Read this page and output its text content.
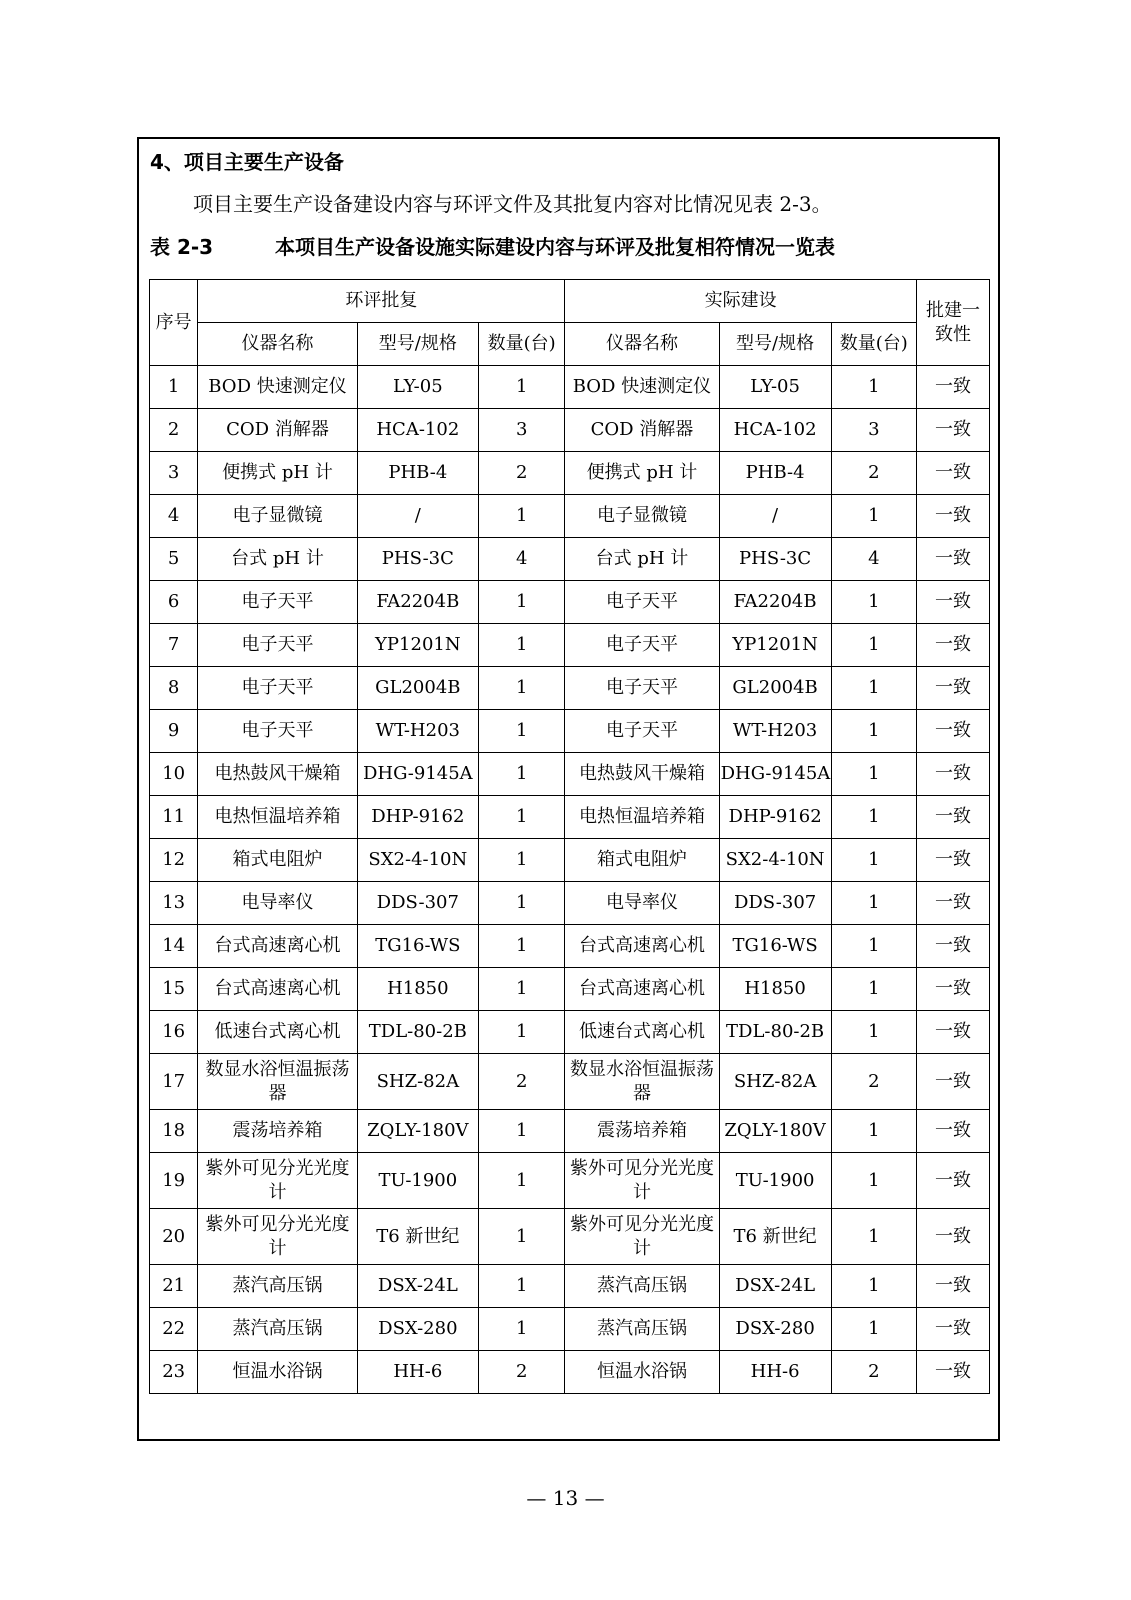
4、项目主要生产设备
项目主要生产设备建设内容与环评文件及其批复内容对比情况见表 2-3。
表 2-3	本项目生产设备设施实际建设内容与环评及批复相符情况一览表
序号	环评批复			实际建设			批建一致性
	仪器名称	型号/规格	数量(台)	仪器名称	型号/规格	数量(台)	
1	BOD 快速测定仪	LY-05	1	BOD 快速测定仪	LY-05	1	一致
2	COD 消解器	HCA-102	3	COD 消解器	HCA-102	3	一致
3	便携式 pH 计	PHB-4	2	便携式 pH 计	PHB-4	2	一致
4	电子显微镜	/	1	电子显微镜	/	1	一致
5	台式 pH 计	PHS-3C	4	台式 pH 计	PHS-3C	4	一致
6	电子天平	FA2204B	1	电子天平	FA2204B	1	一致
7	电子天平	YP1201N	1	电子天平	YP1201N	1	一致
8	电子天平	GL2004B	1	电子天平	GL2004B	1	一致
9	电子天平	WT-H203	1	电子天平	WT-H203	1	一致
10	电热鼓风干燥箱	DHG-9145A	1	电热鼓风干燥箱	DHG-9145A	1	一致
11	电热恒温培养箱	DHP-9162	1	电热恒温培养箱	DHP-9162	1	一致
12	箱式电阻炉	SX2-4-10N	1	箱式电阻炉	SX2-4-10N	1	一致
13	电导率仪	DDS-307	1	电导率仪	DDS-307	1	一致
14	台式高速离心机	TG16-WS	1	台式高速离心机	TG16-WS	1	一致
15	台式高速离心机	H1850	1	台式高速离心机	H1850	1	一致
16	低速台式离心机	TDL-80-2B	1	低速台式离心机	TDL-80-2B	1	一致
17	数显水浴恒温振荡器	SHZ-82A	2	数显水浴恒温振荡器	SHZ-82A	2	一致
18	震荡培养箱	ZQLY-180V	1	震荡培养箱	ZQLY-180V	1	一致
19	紫外可见分光光度计	TU-1900	1	紫外可见分光光度计	TU-1900	1	一致
20	紫外可见分光光度计	T6 新世纪	1	紫外可见分光光度计	T6 新世纪	1	一致
21	蒸汽高压锅	DSX-24L	1	蒸汽高压锅	DSX-24L	1	一致
22	蒸汽高压锅	DSX-280	1	蒸汽高压锅	DSX-280	1	一致
23	恒温水浴锅	HH-6	2	恒温水浴锅	HH-6	2	一致
— 13 —
